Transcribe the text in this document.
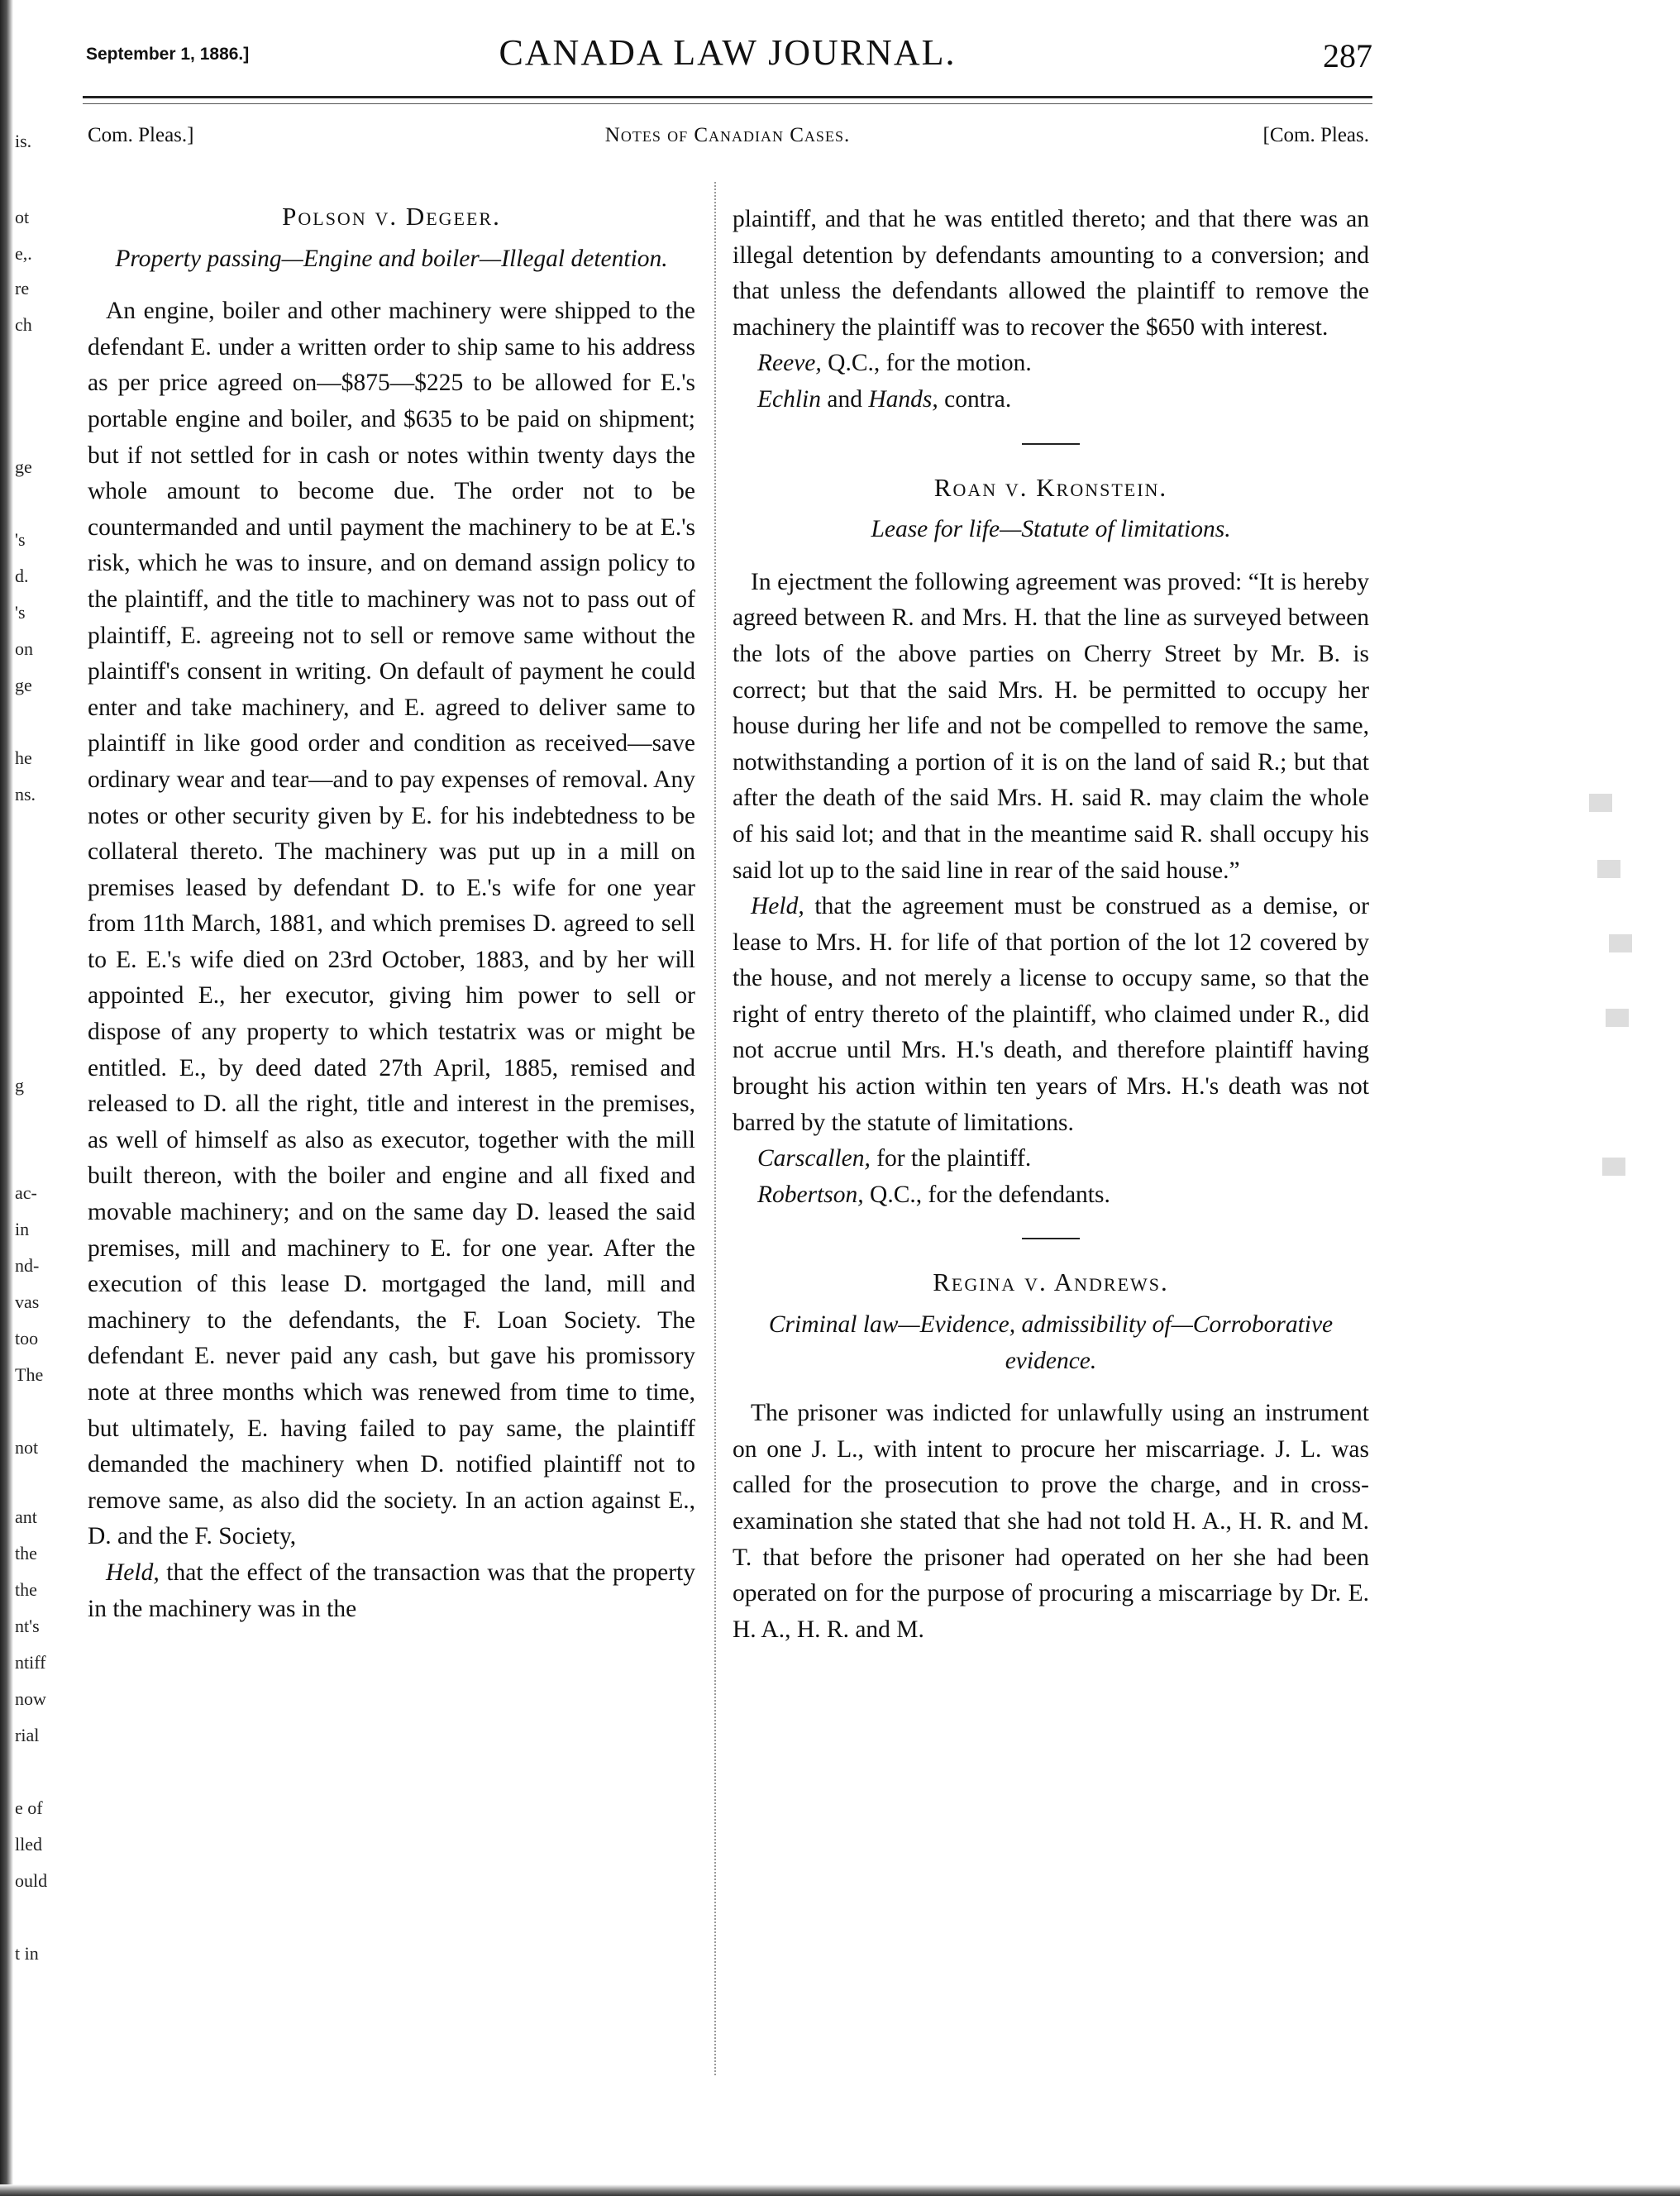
is.
ot
e,.
re
ch
ge
's
d.
's
on
ge
he
ns.
g
ac-
in
nd-
vas
too
The
not
ant
the
the
nt's
ntiff
now
rial
e of
lled
ould
t in
September 1, 1886.]	CANADA LAW JOURNAL.	287
Com. Pleas.]	Notes of Canadian Cases.	[Com. Pleas.

Polson v. Degeer.

Property passing—Engine and boiler—Illegal detention.

An engine, boiler and other machinery were shipped to the defendant E. under a written order to ship same to his address as per price agreed on—$875—$225 to be allowed for E.'s portable engine and boiler, and $635 to be paid on shipment; but if not settled for in cash or notes within twenty days the whole amount to become due. The order not to be countermanded and until payment the machinery to be at E.'s risk, which he was to insure, and on demand assign policy to the plaintiff, and the title to machinery was not to pass out of plaintiff, E. agreeing not to sell or remove same without the plaintiff's consent in writing. On default of payment he could enter and take machinery, and E. agreed to deliver same to plaintiff in like good order and condition as received—save ordinary wear and tear—and to pay expenses of removal. Any notes or other security given by E. for his indebtedness to be collateral thereto. The machinery was put up in a mill on premises leased by defendant D. to E.'s wife for one year from 11th March, 1881, and which premises D. agreed to sell to E. E.'s wife died on 23rd October, 1883, and by her will appointed E., her executor, giving him power to sell or dispose of any property to which testatrix was or might be entitled. E., by deed dated 27th April, 1885, remised and released to D. all the right, title and interest in the premises, as well of himself as also as executor, together with the mill built thereon, with the boiler and engine and all fixed and movable machinery; and on the same day D. leased the said premises, mill and machinery to E. for one year. After the execution of this lease D. mortgaged the land, mill and machinery to the defendants, the F. Loan Society. The defendant E. never paid any cash, but gave his promissory note at three months which was renewed from time to time, but ultimately, E. having failed to pay same, the plaintiff demanded the machinery when D. notified plaintiff not to remove same, as also did the society. In an action against E., D. and the F. Society,

Held, that the effect of the transaction was that the property in the machinery was in the

plaintiff, and that he was entitled thereto; and that there was an illegal detention by defendants amounting to a conversion; and that unless the defendants allowed the plaintiff to remove the machinery the plaintiff was to recover the $650 with interest.

Reeve, Q.C., for the motion.

Echlin and Hands, contra.

Roan v. Kronstein.

Lease for life—Statute of limitations.

In ejectment the following agreement was proved: “It is hereby agreed between R. and Mrs. H. that the line as surveyed between the lots of the above parties on Cherry Street by Mr. B. is correct; but that the said Mrs. H. be permitted to occupy her house during her life and not be compelled to remove the same, notwithstanding a portion of it is on the land of said R.; but that after the death of the said Mrs. H. said R. may claim the whole of his said lot; and that in the meantime said R. shall occupy his said lot up to the said line in rear of the said house.”

Held, that the agreement must be construed as a demise, or lease to Mrs. H. for life of that portion of the lot 12 covered by the house, and not merely a license to occupy same, so that the right of entry thereto of the plaintiff, who claimed under R., did not accrue until Mrs. H.'s death, and therefore plaintiff having brought his action within ten years of Mrs. H.'s death was not barred by the statute of limitations.

Carscallen, for the plaintiff.

Robertson, Q.C., for the defendants.

Regina v. Andrews.

Criminal law—Evidence, admissibility of—Corroborative evidence.

The prisoner was indicted for unlawfully using an instrument on one J. L., with intent to procure her miscarriage. J. L. was called for the prosecution to prove the charge, and in cross-examination she stated that she had not told H. A., H. R. and M. T. that before the prisoner had operated on her she had been operated on for the purpose of procuring a miscarriage by Dr. E. H. A., H. R. and M.
